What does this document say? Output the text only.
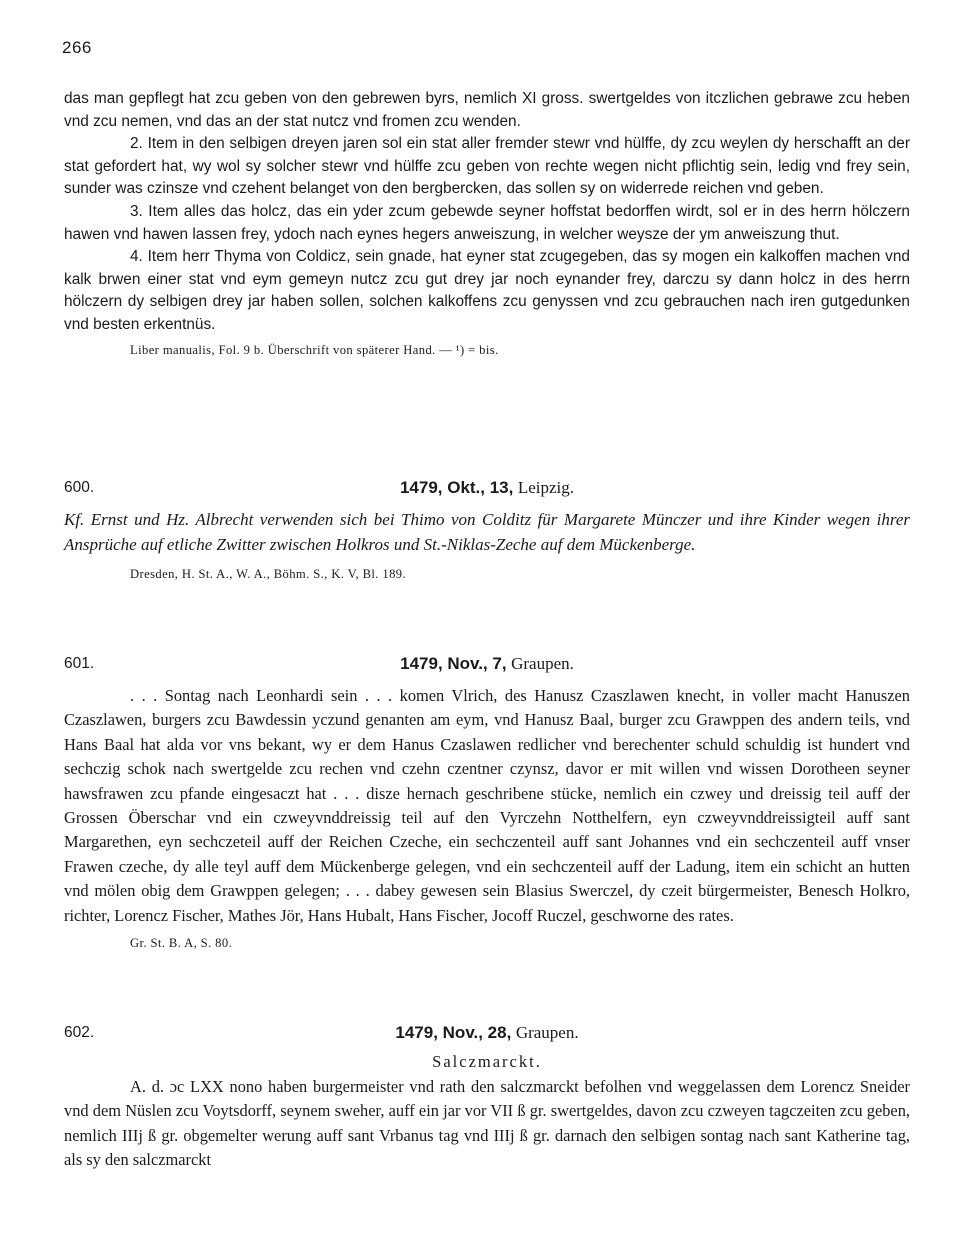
266

das man gepflegt hat zcu geben von den gebrewen byrs, nemlich XI gross. swertgeldes von itczlichen gebrawe zcu heben vnd zcu nemen, vnd das an der stat nutcz vnd fromen zcu wenden.

2. Item in den selbigen dreyen jaren sol ein stat aller fremder stewr vnd hülffe, dy zcu weylen dy herschafft an der stat gefordert hat, wy wol sy solcher stewr vnd hülffe zcu geben von rechte wegen nicht pflichtig sein, ledig vnd frey sein, sunder was czinsze vnd czehent belanget von den bergbercken, das sollen sy on widerrede reichen vnd geben.

3. Item alles das holcz, das ein yder zcum gebewde seyner hoffstat bedorffen wirdt, sol er in des herrn hölczern hawen vnd hawen lassen frey, ydoch nach eynes hegers anweiszung, in welcher weysze der ym anweiszung thut.

4. Item herr Thyma von Coldicz, sein gnade, hat eyner stat zcugegeben, das sy mogen ein kalkoffen machen vnd kalk brwen einer stat vnd eym gemeyn nutcz zcu gut drey jar noch eynander frey, darczu sy dann holcz in des herrn hölczern dy selbigen drey jar haben sollen, solchen kalkoffens zcu genyssen vnd zcu gebrauchen nach iren gutgedunken vnd besten erkentnüs.

Liber manualis, Fol. 9 b. Überschrift von späterer Hand. — ¹) = bis.
600.	1479, Okt., 13, Leipzig.

Kf. Ernst und Hz. Albrecht verwenden sich bei Thimo von Colditz für Margarete Münczer und ihre Kinder wegen ihrer Ansprüche auf etliche Zwitter zwischen Holkros und St.-Niklas-Zeche auf dem Mückenberge.

Dresden, H. St. A., W. A., Böhm. S., K. V, Bl. 189.
601.	1479, Nov., 7, Graupen.

. . . Sontag nach Leonhardi sein . . . komen Vlrich, des Hanusz Czaszlawen knecht, in voller macht Hanuszen Czaszlawen, burgers zcu Bawdessin yczund genanten am eym, vnd Hanusz Baal, burger zcu Grawppen des andern teils, vnd Hans Baal hat alda vor vns bekant, wy er dem Hanus Czaslawen redlicher vnd berechenter schuld schuldig ist hundert vnd sechczig schok nach swertgelde zcu rechen vnd czehn czentner czynsz, davor er mit willen vnd wissen Dorotheen seyner hawsfrawen zcu pfande eingesaczt hat . . . disze hernach geschribene stücke, nemlich ein czwey und dreissig teil auff der Grossen Öberschar vnd ein czweyvnddreissig teil auf den Vyrczehn Notthelfern, eyn czweyvnddreissigteil auff sant Margarethen, eyn sechczeteil auff der Reichen Czeche, ein sechczenteil auff sant Johannes vnd ein sechczenteil auff vnser Frawen czeche, dy alle teyl auff dem Mückenberge gelegen, vnd ein sechczenteil auff der Ladung, item ein schicht an hutten vnd mölen obig dem Grawppen gelegen; . . . dabey gewesen sein Blasius Swerczel, dy czeit bürgermeister, Benesch Holkro, richter, Lorencz Fischer, Mathes Jör, Hans Hubalt, Hans Fischer, Jocoff Ruczel, geschworne des rates.

Gr. St. B. A, S. 80.
602.	1479, Nov., 28, Graupen.
Salczmarckt.

A. d. ɔc LXX nono haben burgermeister vnd rath den salczmarckt befolhen vnd weggelassen dem Lorencz Sneider vnd dem Nüslen zcu Voytsdorff, seynem sweher, auff ein jar vor VII ß gr. swertgeldes, davon zcu czweyen tagczeiten zcu geben, nemlich IIIj ß gr. obgemelter werung auff sant Vrbanus tag vnd IIIj ß gr. darnach den selbigen sontag nach sant Katherine tag, als sy den salczmarckt
